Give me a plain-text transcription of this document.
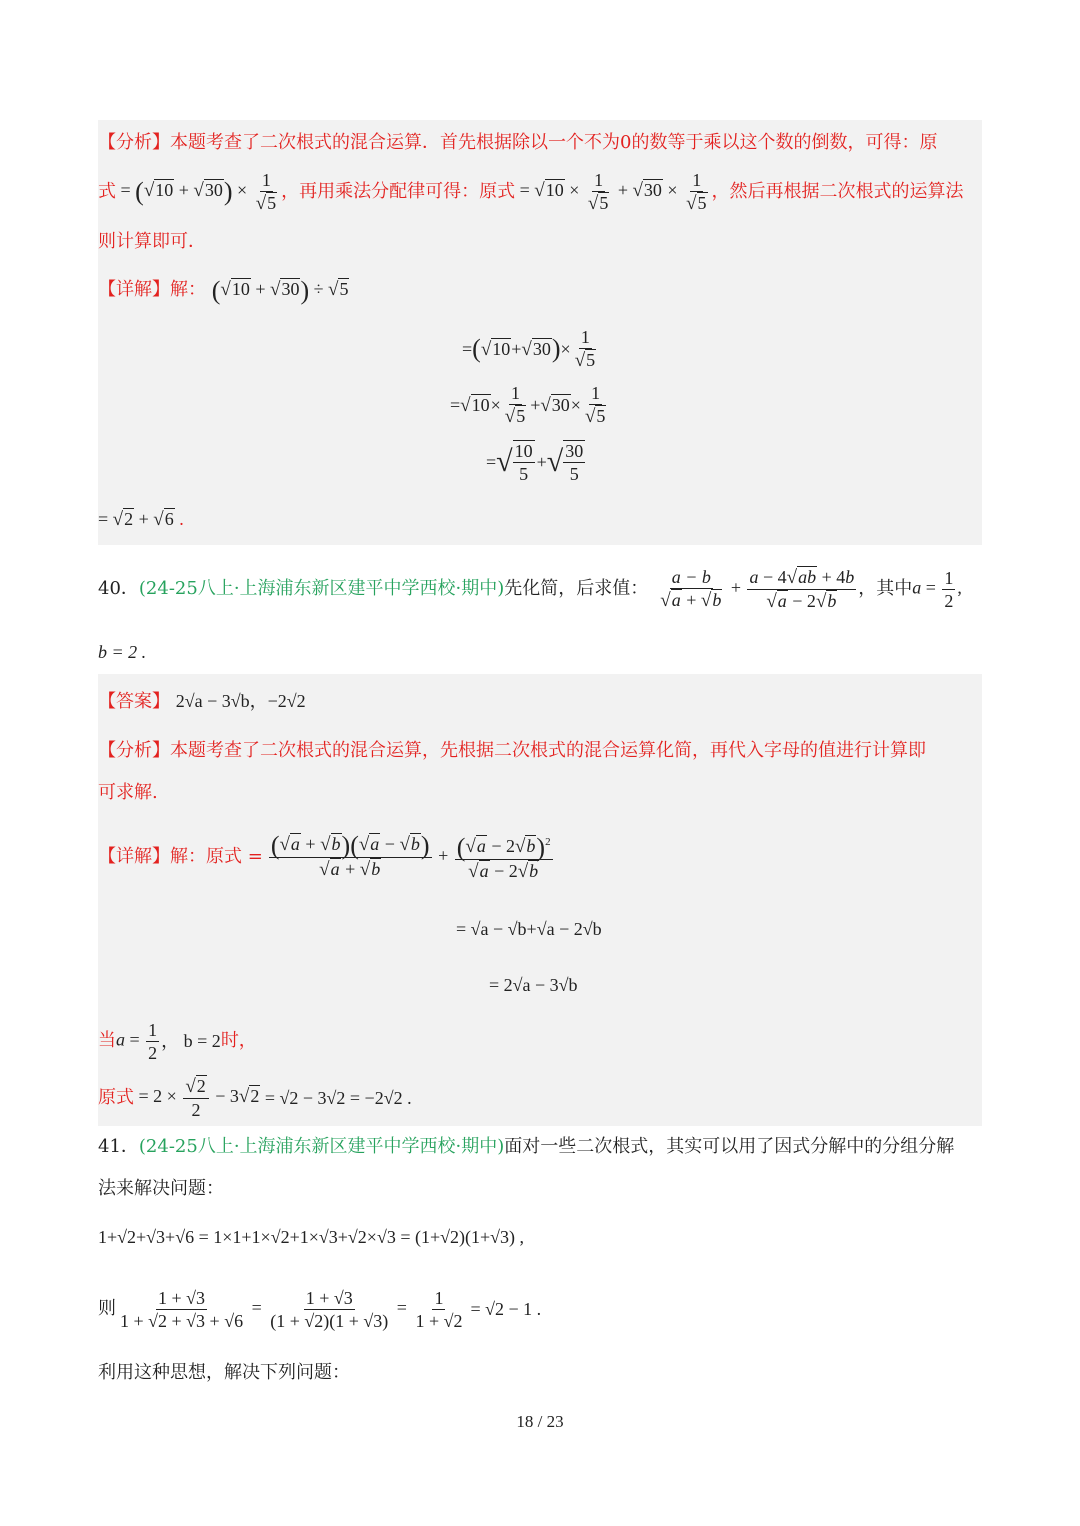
【分析】本题考查了二次根式的混合运算．首先根据除以一个不为0的数等于乘以这个数的倒数，可得：原
式 = $(√10 + √30) \times \frac{1}{√5}$ ，再用乘法分配律可得：原式 = $√10 \times \frac{1}{√5} + √30 \times \frac{1}{√5}$ ，然后再根据二次根式的运算法
则计算即可．
【详解】解： (√10 + √30) ÷ √5
= ( √10 + √30 ) × $\frac{1}{√5}$
= $√10 \times \frac{1}{√5} + √30 \times \frac{1}{√5}$
= √ $\frac{10}{5}$ + √ $\frac{30}{5}$
= √2 + √6 .
40． (24-25八上·上海浦东新区建平中学西校·期中) 先化简，后求值： $\frac{a - b}{√a + √b} + \frac{a - 4√ab + 4b}{√a - 2√b}$ ，其中 $a = \frac{1}{2}$ ,
b = 2 .
【答案】 2√a − 3√b，−2√2
【分析】本题考查了二次根式的混合运算，先根据二次根式的混合运算化简，再代入字母的值进行计算即
可求解.
【详解】 解：原式 = $\frac{(√a + √b)(√a - √b)}{√a + √b} + \frac{(√a - 2√b)^2}{√a - 2√b}$
= √a − √b+√a − 2√b
= 2√a − 3√b
当 $a = \frac{1}{2}$ ， b = 2 时，
原式 = $2 \times \frac{√2}{2} - 3√2 = √2 - 3√2 = -2√2$ .
41．(24-25八上·上海浦东新区建平中学西校·期中)面对一些二次根式，其实可以用了因式分解中的分组分解
法来解决问题：
1+√2+√3+√6 = 1×1+1×√2+1×√3+√2×√3 = (1+√2)(1+√3) ,
则 $\frac{1 + √3}{1 + √2 + √3 + √6} = \frac{1 + √3}{(1 + √2)(1 + √3)} = \frac{1}{1 + √2} = √2 - 1$ .
利用这种思想，解决下列问题：
18 / 23
